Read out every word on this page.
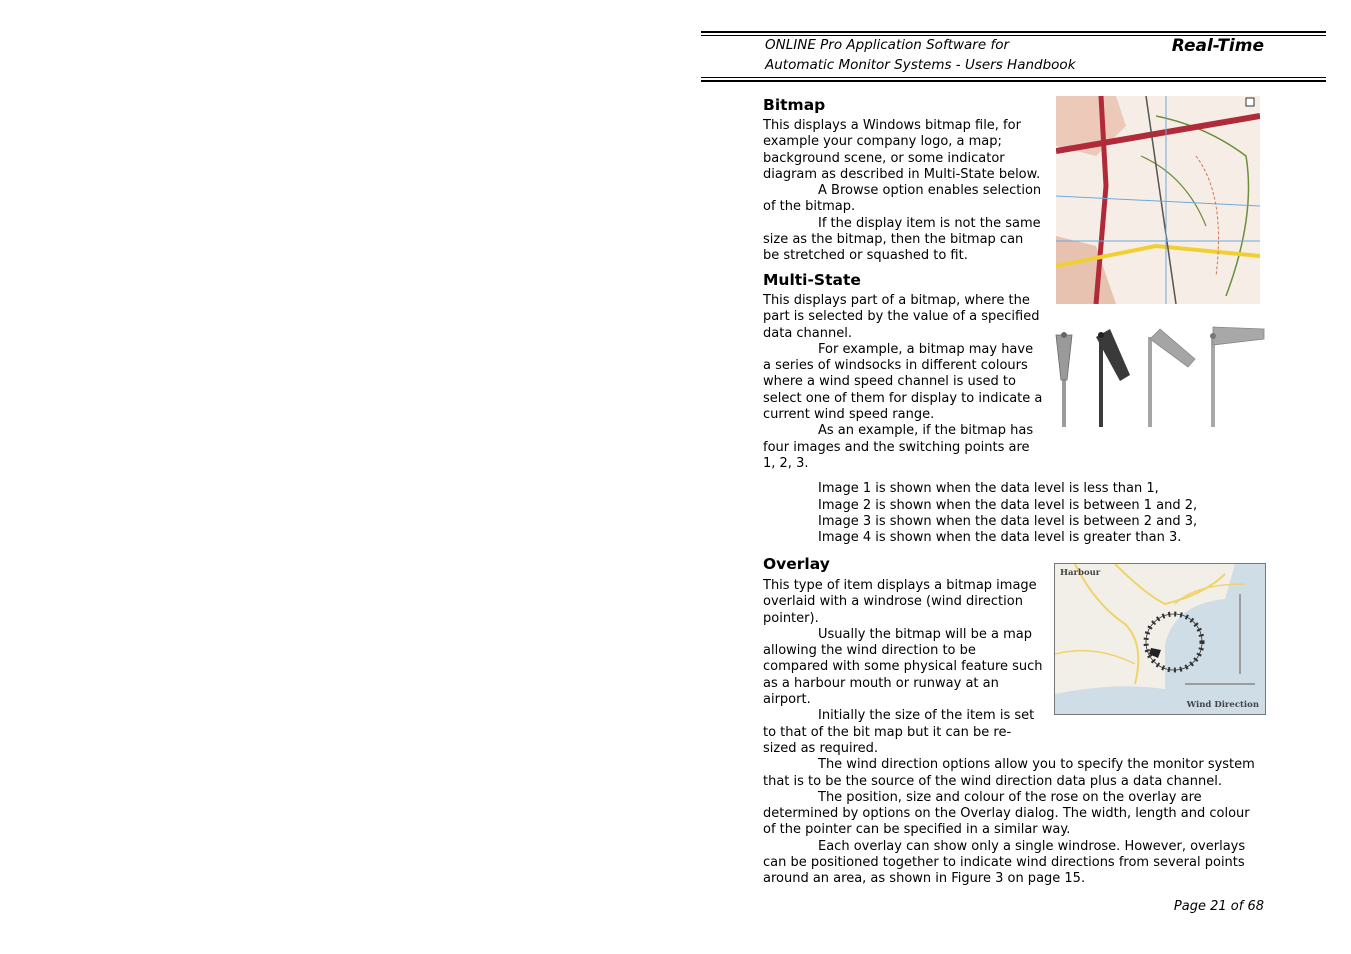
ONLINE Pro Application Software for
Automatic Monitor Systems - Users Handbook
Real-Time
Bitmap

This displays a Windows bitmap file, for example your company logo, a map; background scene, or some indicator diagram as described in Multi-State below.

A Browse option enables selection of the bitmap.

If the display item is not the same size as the bitmap, then the bitmap can be stretched or squashed to fit.

Multi-State

This displays part of a bitmap, where the part is selected by the value of a specified data channel.

For example, a bitmap may have a series of windsocks in different colours where a wind speed channel is used to select one of them for display to indicate a current wind speed range.

As an example, if the bitmap has four images and the switching points are 1, 2, 3.

Image 1 is shown when the data level is less than 1,
Image 2 is shown when the data level is between 1 and 2,
Image 3 is shown when the data level is between 2 and 3,
Image 4 is shown when the data level is greater than 3.
Overlay

This type of item displays a bitmap image overlaid with a windrose (wind direction pointer).

Usually the bitmap will be a map allowing the wind direction to be compared with some physical feature such as a harbour mouth or runway at an airport.

Initially the size of the item is set to that of the bit map but it can be re-sized as required.

The wind direction options allow you to specify the monitor system that is to be the source of the wind direction data plus a data channel.

The position, size and colour of the rose on the overlay are determined by options on the Overlay dialog. The width, length and colour of the pointer can be specified in a similar way.

Each overlay can show only a single windrose. However, overlays can be positioned together to indicate wind directions from several points around an area, as shown in Figure 3 on page 15.

Harbour
Wind Direction
Page 21 of 68
